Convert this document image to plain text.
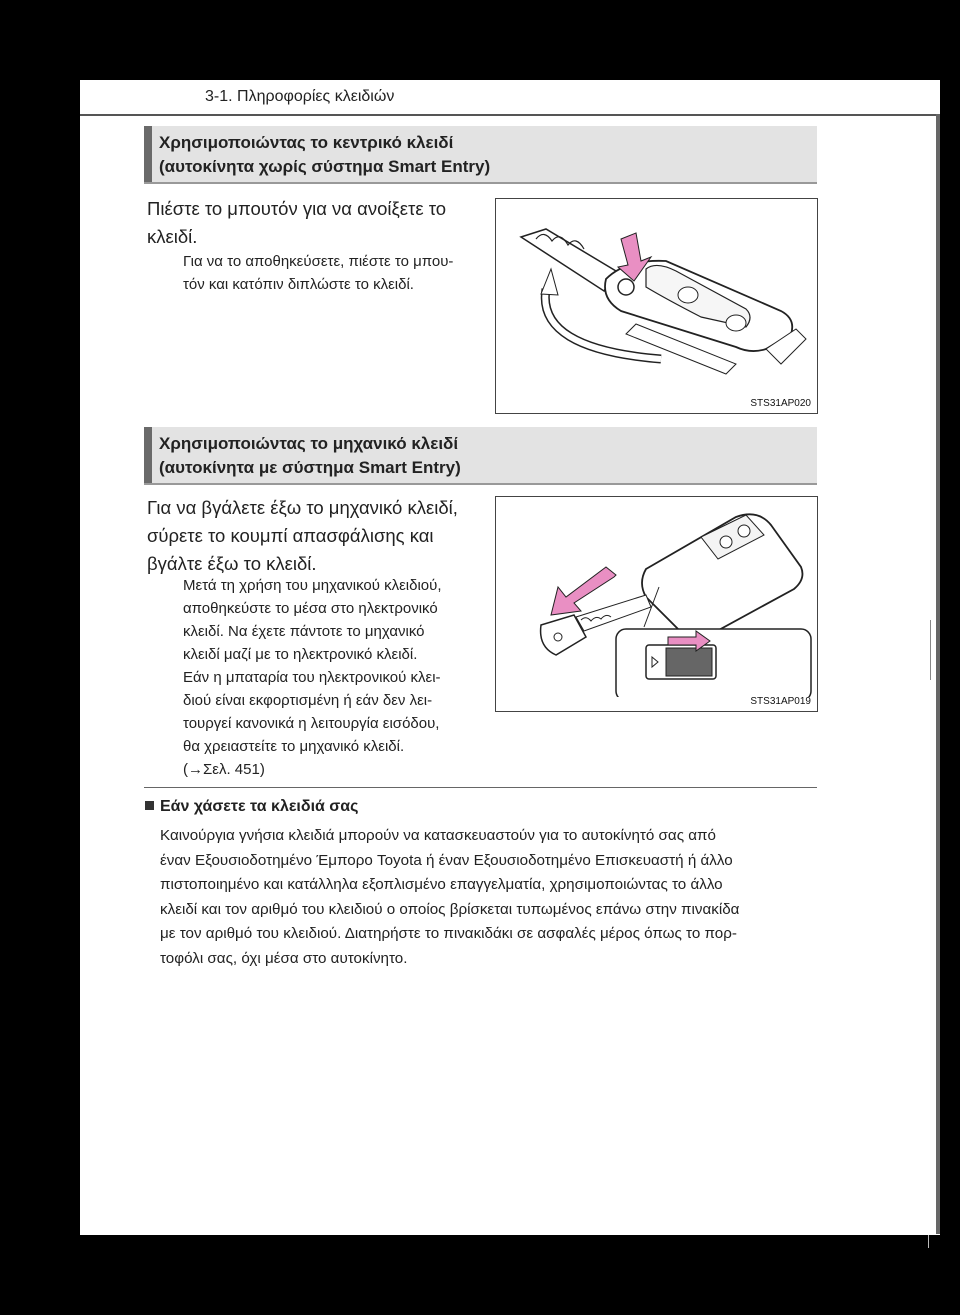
3-1. Πληροφορίες κλειδιών
Χρησιμοποιώντας το κεντρικό κλειδί
(αυτοκίνητα χωρίς σύστημα Smart Entry)
Πιέστε το μπουτόν για να ανοίξετε το
κλειδί.
Για να το αποθηκεύσετε, πιέστε το μπου-
τόν και κατόπιν διπλώστε το κλειδί.
STS31AP020
Χρησιμοποιώντας το μηχανικό κλειδί
(αυτοκίνητα με σύστημα Smart Entry)
Για να βγάλετε έξω το μηχανικό κλειδί,
σύρετε το κουμπί απασφάλισης και
βγάλτε έξω το κλειδί.
Μετά τη χρήση του μηχανικού κλειδιού,
αποθηκεύστε το μέσα στο ηλεκτρονικό
κλειδί. Να έχετε πάντοτε το μηχανικό
κλειδί μαζί με το ηλεκτρονικό κλειδί.
Εάν η μπαταρία του ηλεκτρονικού κλει-
διού είναι εκφορτισμένη ή εάν δεν λει-
τουργεί κανονικά η λειτουργία εισόδου,
θα χρειαστείτε το μηχανικό κλειδί.
(→Σελ. 451)
STS31AP019
Εάν χάσετε τα κλειδιά σας
Καινούργια γνήσια κλειδιά μπορούν να κατασκευαστούν για το αυτοκίνητό σας από
έναν Εξουσιοδοτημένο Έμπορο Toyota ή έναν Εξουσιοδοτημένο Επισκευαστή ή άλλο
πιστοποιημένο και κατάλληλα εξοπλισμένο επαγγελματία, χρησιμοποιώντας το άλλο
κλειδί και τον αριθμό του κλειδιού ο οποίος βρίσκεται τυπωμένος επάνω στην πινακίδα
με τον αριθμό του κλειδιού. Διατηρήστε το πινακιδάκι σε ασφαλές μέρος όπως το πορ-
τοφόλι σας, όχι μέσα στο αυτοκίνητο.
